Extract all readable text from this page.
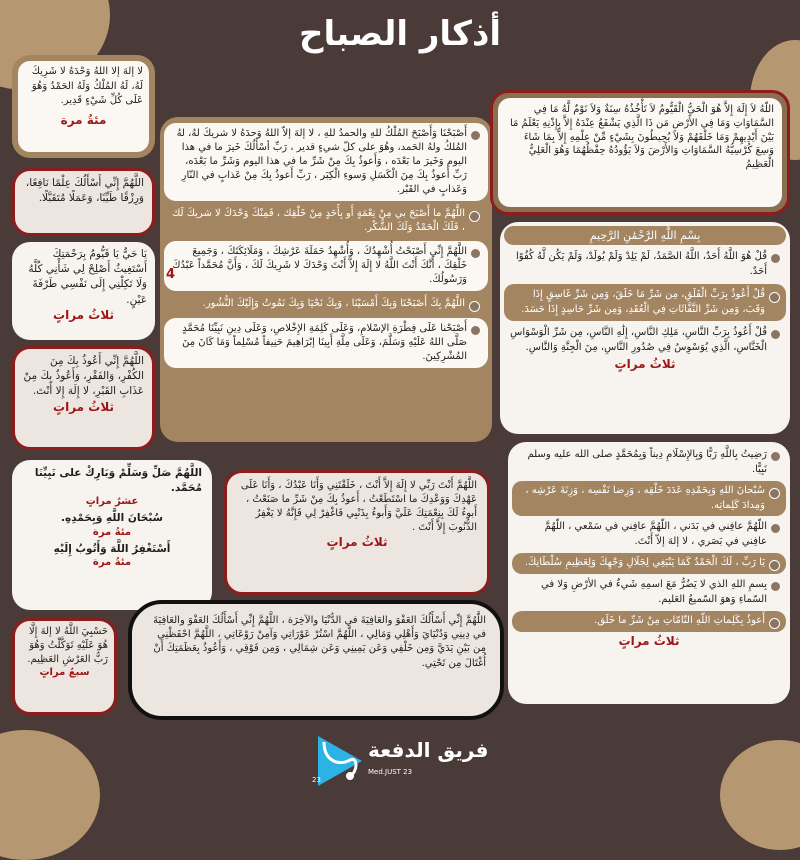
أذكار الصباح
لا إلهَ إلا اللهُ وَحْدَهُ لا شَرِيكَ لَهُ، لَهُ المُلْكُ وَلَهُ الحَمْدُ وَهُوَ عَلَى كُلِّ شَيْءٍ قَدِير.
مئةُ مرة
اللَّهُمَّ إِنِّي أَسْأَلُكَ عِلْمًا نَافِعًا، وَرِزْقًا طَيِّبًا، وَعَمَلًا مُتَقَبَّلًا.
يَا حَيُّ يَا قَيُّومُ بِرَحْمَتِكَ أَسْتَغِيثُ أَصْلِحْ لِي شَأْنِي كُلَّهُ وَلَا تَكِلْنِي إِلَى نَفْسِي طَرْفَةَ عَيْنٍ.
ثلاثُ مراتٍ
اللَّهُمَّ إِنِّي أَعُوذُ بِكَ مِنَ الكُفْرِ، وَالفَقْرِ، وَأَعُوذُ بِكَ مِنْ عَذَابِ القَبْرِ، لا إِلَهَ إِلا أَنْتَ.
ثلاثُ مراتٍ
اللَّهُمَّ صَلِّ وَسَلِّمْ وَبَارِكْ على نَبِيِّنَا مُحَمَّد.
عشرُ مراتٍ
سُبْحَانَ اللَّهِ وَبِحَمْدِهِ.
مئةُ مرة
أَسْتَغْفِرُ اللَّهَ وَأَتُوبُ إِلَيْهِ
مئةُ مرة
حَسْبِيَ اللَّهُ لا إلهَ إِلَّا هُوَ عَلَيْهِ تَوَكَّلْتُ وَهُوَ رَبُّ العَرْشِ العَظِيم.
سبعُ مراتٍ
أَصْبَحْنَا وَأَصْبَحَ المُلْكُ للهِ والحمدُ للهِ ، لا إلهَ إلاّ اللهُ وَحدَهُ لا شريكَ لهُ، لهُ المُلكُ ولهُ الحَمد، وهُوَ على كلّ شيءٍ قدير ، رَبِّ أسْأَلُكَ خَيرَ ما في هذا اليوم وَخَيرَ ما بَعْدَه ، وَأَعوذُ بِكَ مِنْ شَرِّ ما في هذا اليوم وَشَرِّ ما بَعْدَه، رَبِّ أَعوذُ بِكَ مِنَ الْكَسَلِ وَسوءِ الْكِبَر ، رَبِّ أَعوذُ بِكَ مِنْ عَذابٍ في النّارِ وَعَذابٍ في القَبْر.
اللَّهُمَّ ما أَصْبَحَ بي مِنْ نِعْمَةٍ أَو بِأَحَدٍ مِنْ خَلْقِك ، فَمِنْكَ وَحْدَكَ لا شريكَ لَك ، فَلَكَ الْحَمْدُ وَلَكَ الشُّكْر.
اللَّهُمَّ إِنِّي أَصْبَحْتُ أُشْهِدُكَ ، وَأُشْهِدُ حَمَلَةَ عَرْشِكَ ، وَمَلَائِكَتَكَ ، وَجَمِيعَ خَلْقِكَ ، أَنَّكَ أَنْتَ اللَّهُ لا إِلَهَ إِلاَّ أَنْتَ وَحْدَكَ لا شَرِيكَ لَكَ ، وَأَنَّ مُحَمَّداً عَبْدُكَ وَرَسُولُكَ.
4
اللَّهُمَّ بِكَ أَصْبَحْنَا وَبِكَ أَمْسَيْنَا ، وَبِكَ نَحْيَا وَبِكَ نَمُوتُ وَإِلَيْكَ النُّشُور.
أَصْبَحْنا عَلَى فِطْرَةِ الإسْلامِ، وَعَلَى كَلِمَةِ الإِخْلاصِ، وَعَلَى دِينِ نَبِيِّنَا مُحَمَّدٍ صَلَّى اللهُ عَلَيْهِ وَسَلَّمَ، وَعَلَى مِلَّةِ أَبِينَا إبْرَاهِيمَ حَنِيفاً مُسْلِماً وَمَا كَانَ مِنَ المُشْرِكِينَ.
اللَّهُمَّ أَنْتَ رَبِّي لا إِلَهَ إِلاَّ أَنْتَ ، خَلَقْتَنِي وَأَنَا عَبْدُكَ ، وَأَنَا عَلَى عَهْدِكَ وَوَعْدِكَ ما اسْتَطَعْتُ ، أَعوذُ بِكَ مِنْ شَرِّ ما صَنَعْتُ ، أَبوءُ لَكَ بِنِعْمَتِكَ عَلَيَّ وَأَبوءُ بِذَنْبِي فَاغْفِرْ لِي فَإِنَّهُ لا يَغْفِرُ الذُّنُوبَ إِلاَّ أَنْتَ .
ثلاثُ مراتٍ
اللَّهُمَّ إِنِّي أَسْأَلُكَ العَفْوَ والعَافِيَةَ في الدُّنْيَا والآخِرَة ، اللَّهُمَّ إِنِّي أَسْأَلُكَ العَفْوَ والعَافِيَةَ في دِينِي وَدُنْيَايَ وَأَهْلِي وَمَالِي ، اللَّهُمَّ اسْتُرْ عَوْرَاتِي وَآمِنْ رَوْعَاتِي ، اللَّهُمَّ احْفَظْنِي مِن بَيْنِ يَدَيَّ وَمِن خَلْفِي وَعَن يَمِينِي وَعَن شِمَالِي ، وَمِن فَوْقِي ، وَأَعُوذُ بِعَظَمَتِكَ أَنْ أُغْتَالَ مِن تَحْتِي.
اللّهُ لاَ إِلَهَ إِلاَّ هُوَ الْحَيُّ الْقَيُّومُ لاَ تَأْخُذُهُ سِنَةٌ وَلاَ نَوْمٌ لَّهُ مَا فِي السَّمَاوَاتِ وَمَا فِي الأَرْضِ مَن ذَا الَّذِي يَشْفَعُ عِنْدَهُ إِلاَّ بِإِذْنِهِ يَعْلَمُ مَا بَيْنَ أَيْدِيهِمْ وَمَا خَلْفَهُمْ وَلاَ يُحِيطُونَ بِشَيْءٍ مِّنْ عِلْمِهِ إِلاَّ بِمَا شَاءَ وَسِعَ كُرْسِيُّهُ السَّمَاوَاتِ وَالأَرْضَ وَلاَ يَؤُودُهُ حِفْظُهُمَا وَهُوَ الْعَلِيُّ الْعَظِيمُ
بِسْمِ اللَّهِ الرَّحْمَٰنِ الرَّحِيمِ
قُلْ هُوَ اللَّهُ أَحَدٌ، اللَّهُ الصَّمَدُ، لَمْ يَلِدْ وَلَمْ يُولَدْ، وَلَمْ يَكُن لَّهُ كُفُوًا أَحَدٌ.
قُلْ أَعُوذُ بِرَبِّ الْفَلَقِ، مِن شَرِّ مَا خَلَقَ، وَمِن شَرِّ غَاسِقٍ إِذَا وَقَبَ، وَمِن شَرِّ النَّفَّاثَاتِ فِي الْعُقَدِ، وَمِن شَرِّ حَاسِدٍ إِذَا حَسَدَ.
قُلْ أَعُوذُ بِرَبِّ النَّاسِ، مَلِكِ النَّاسِ، إِلَٰهِ النَّاسِ، مِن شَرِّ الْوَسْوَاسِ الْخَنَّاسِ، الَّذِي يُوَسْوِسُ فِي صُدُورِ النَّاسِ، مِنَ الْجِنَّةِ وَالنَّاسِ.
ثلاثُ مراتٍ
رَضِيتُ بِاللَّهِ رَبًّا وَبِالإِسْلَامِ دِيناً وَبِمُحَمَّدٍ صلى الله عليه وسلم نَبِيًّا.
سُبْحانَ اللهِ وَبِحَمْدِهِ عَدَدَ خَلْقِه ، وَرِضا نَفْسِه ، وَزِنَةَ عَرْشِه ، وَمِدادَ كَلِماتِه.
اللّهُمَّ عافِني في بَدَني ، اللّهُمَّ عافِني في سَمْعي ، اللّهُمَّ عافِني في بَصَري ، لا إلهَ إلاّ أَنْتَ.
يَا رَبِّ ، لَكَ الْحَمْدُ كَمَا يَنْبَغِي لِجَلَالِ وَجْهِكَ وَلِعَظِيمِ سُلْطَانِكَ.
بِسمِ اللهِ الذي لا يَضُرُّ مَعَ اسمِهِ شَيءٌ في الأرْضِ وَلا في السّماءِ وَهوَ السّميعُ العَليم.
أَعوذُ بِكَلِماتِ اللّهِ التّامّاتِ مِنْ شَرِّ ما خَلَق.
ثلاثُ مراتٍ
23
فريق الدفعة
Med.JUST 23
